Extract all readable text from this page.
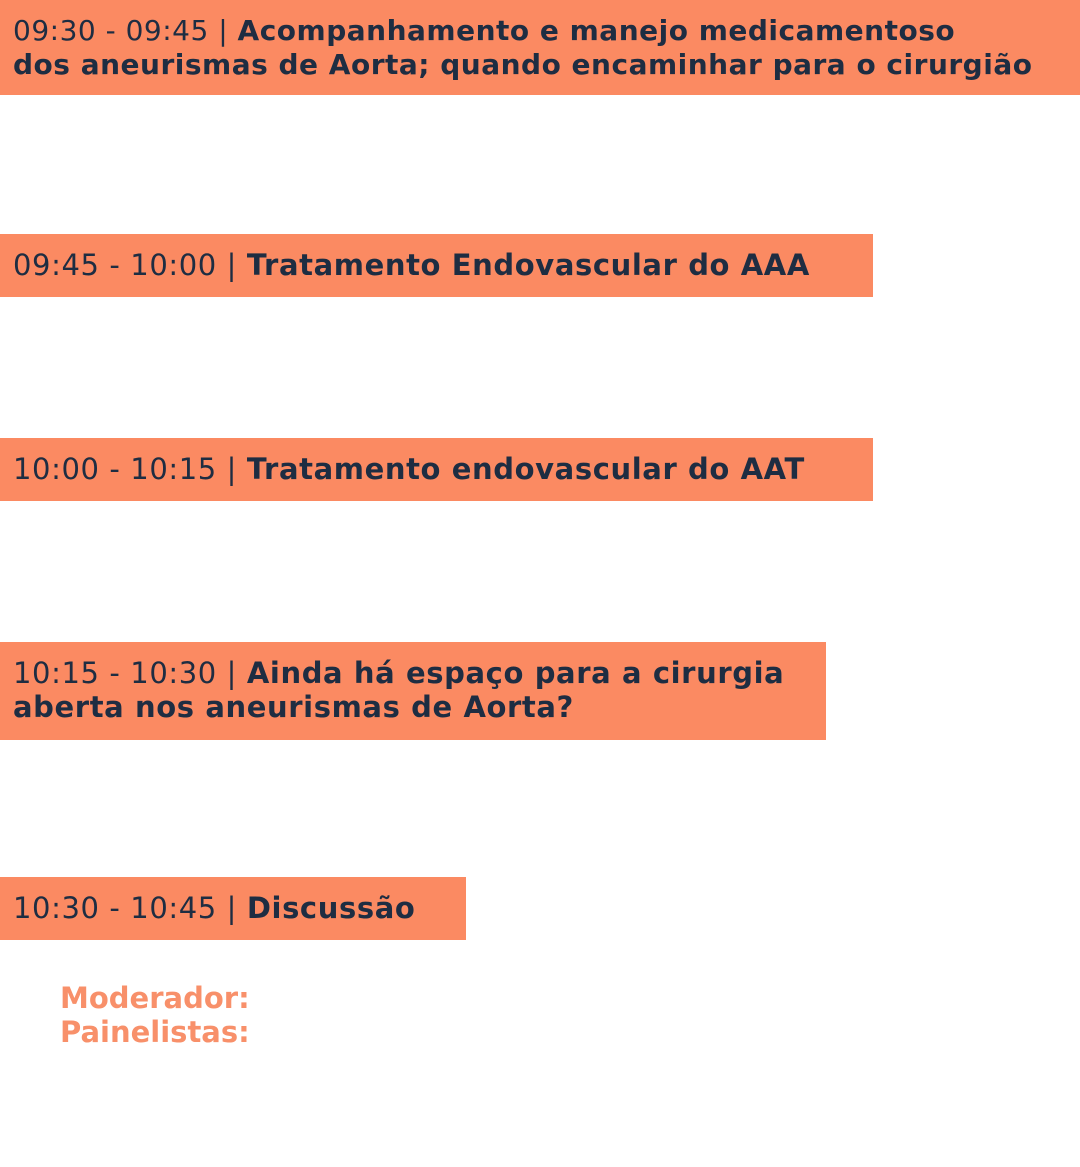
09:30 - 09:45 | Acompanhamento e manejo medicamentoso
dos aneurismas de Aorta; quando encaminhar para o cirurgião
09:45 - 10:00 | Tratamento Endovascular do AAA
10:00 - 10:15 | Tratamento endovascular do AAT
10:15 - 10:30 | Ainda há espaço para a cirurgia
aberta nos aneurismas de Aorta?
10:30 - 10:45 | Discussão
Moderador:
Painelistas:
